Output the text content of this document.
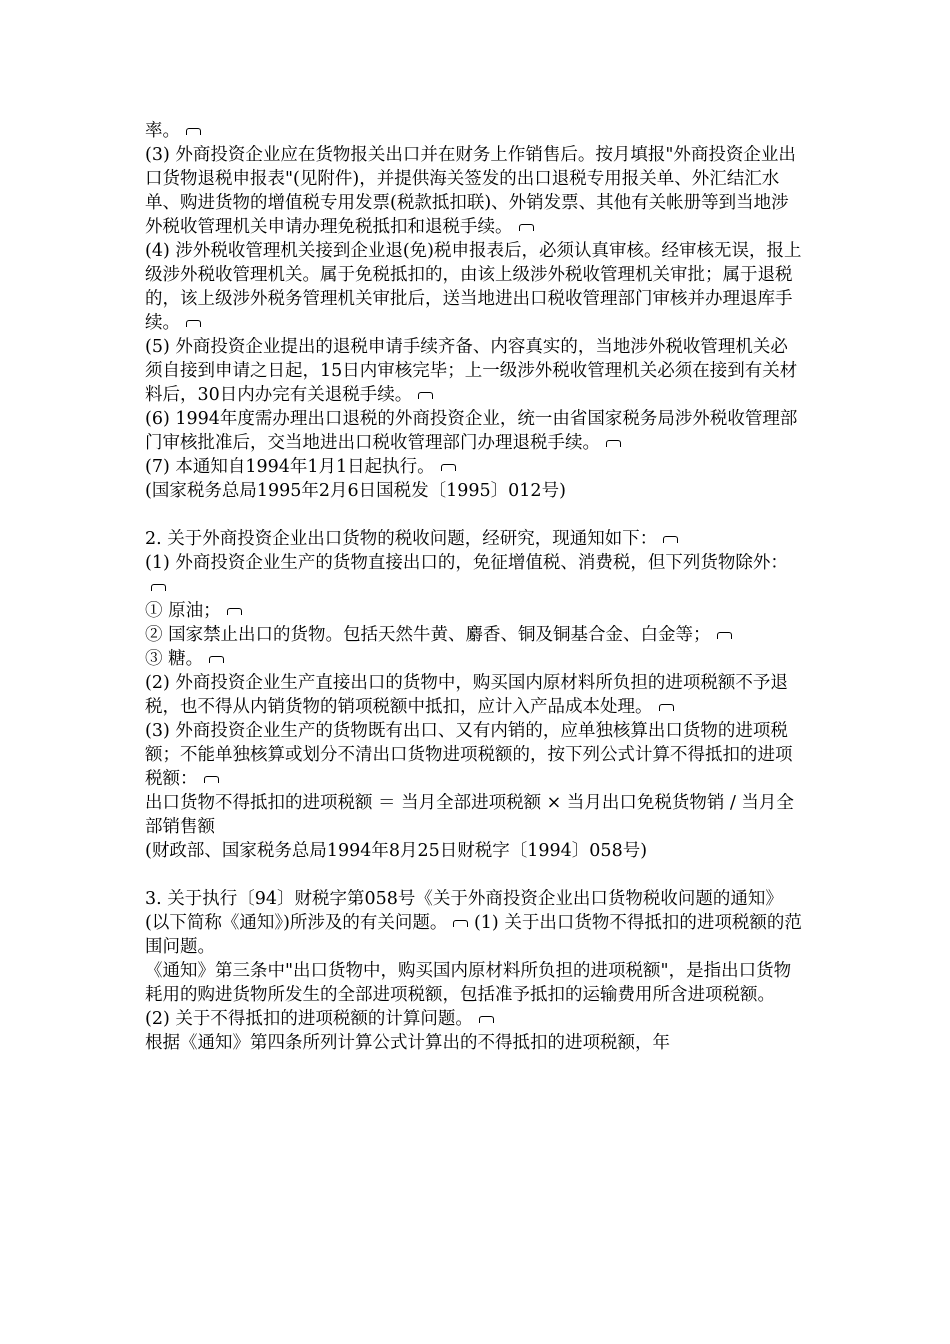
率。

(3) 外商投资企业应在货物报关出口并在财务上作销售后。按月填报"外商投资企业出口货物退税申报表"(见附件)，并提供海关签发的出口退税专用报关单、外汇结汇水单、购进货物的增值税专用发票(税款抵扣联)、外销发票、其他有关帐册等到当地涉外税收管理机关申请办理免税抵扣和退税手续。

(4) 涉外税收管理机关接到企业退(免)税申报表后，必须认真审核。经审核无误，报上级涉外税收管理机关。属于免税抵扣的，由该上级涉外税收管理机关审批；属于退税的，该上级涉外税务管理机关审批后，送当地进出口税收管理部门审核并办理退库手续。

(5) 外商投资企业提出的退税申请手续齐备、内容真实的，当地涉外税收管理机关必须自接到申请之日起，15日内审核完毕；上一级涉外税收管理机关必须在接到有关材料后，30日内办完有关退税手续。

(6) 1994年度需办理出口退税的外商投资企业，统一由省国家税务局涉外税收管理部门审核批准后，交当地进出口税收管理部门办理退税手续。

(7) 本通知自1994年1月1日起执行。

(国家税务总局1995年2月6日国税发〔1995〕012号)

2. 关于外商投资企业出口货物的税收问题，经研究，现通知如下：

(1) 外商投资企业生产的货物直接出口的，免征增值税、消费税，但下列货物除外：

① 原油；

② 国家禁止出口的货物。包括天然牛黄、麝香、铜及铜基合金、白金等；

③ 糖。

(2) 外商投资企业生产直接出口的货物中，购买国内原材料所负担的进项税额不予退税，也不得从内销货物的销项税额中抵扣，应计入产品成本处理。

(3) 外商投资企业生产的货物既有出口、又有内销的，应单独核算出口货物的进项税额；不能单独核算或划分不清出口货物进项税额的，按下列公式计算不得抵扣的进项税额：

出口货物不得抵扣的进项税额 ＝ 当月全部进项税额 × 当月出口免税货物销 / 当月全部销售额

(财政部、国家税务总局1994年8月25日财税字〔1994〕058号)

3. 关于执行〔94〕财税字第058号《关于外商投资企业出口货物税收问题的通知》(以下简称《通知》)所涉及的有关问题。 (1) 关于出口货物不得抵扣的进项税额的范围问题。

《通知》第三条中"出口货物中，购买国内原材料所负担的进项税额"，是指出口货物耗用的购进货物所发生的全部进项税额，包括准予抵扣的运输费用所含进项税额。

(2) 关于不得抵扣的进项税额的计算问题。

根据《通知》第四条所列计算公式计算出的不得抵扣的进项税额，年
